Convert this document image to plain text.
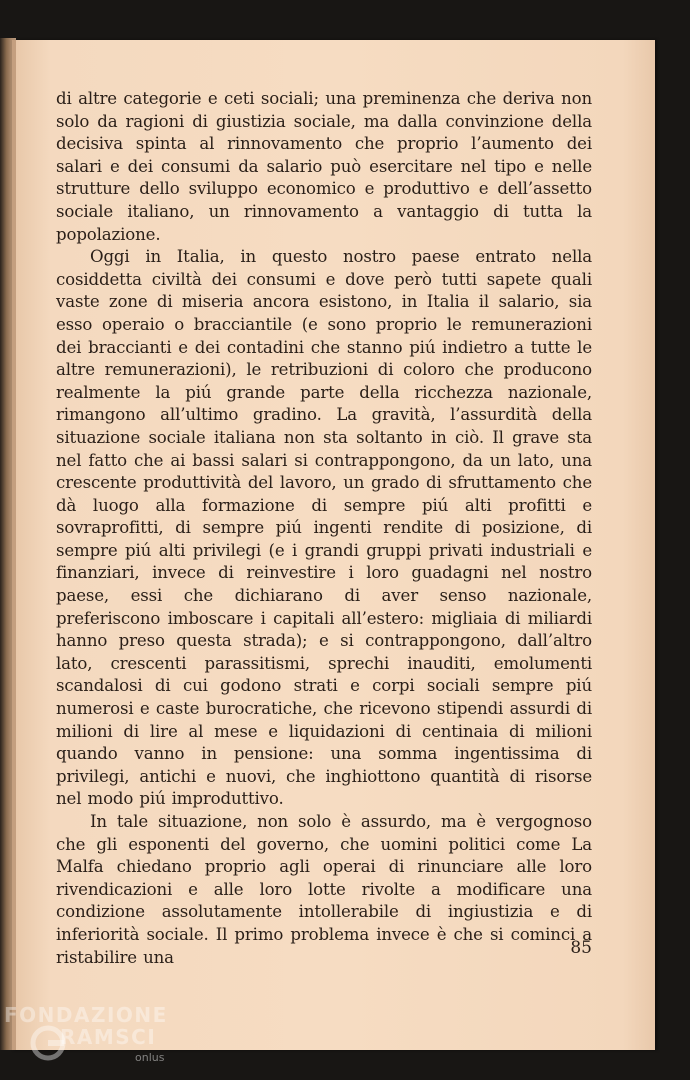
di altre categorie e ceti sociali; una preminenza che deriva non solo da ragioni di giustizia sociale, ma dalla convinzione della decisiva spinta al rinnovamento che proprio l’aumento dei salari e dei consumi da salario può esercitare nel tipo e nelle strutture dello sviluppo economico e produttivo e dell’assetto sociale italiano, un rinnovamento a vantaggio di tutta la popolazione.

Oggi in Italia, in questo nostro paese entrato nella cosiddetta civiltà dei consumi e dove però tutti sapete quali vaste zone di miseria ancora esistono, in Italia il salario, sia esso operaio o bracciantile (e sono proprio le remunerazioni dei braccianti e dei contadini che stanno piú indietro a tutte le altre remunerazioni), le retribuzioni di coloro che producono realmente la piú grande parte della ricchezza nazionale, rimangono all’ultimo gradino. La gravità, l’assurdità della situazione sociale italiana non sta soltanto in ciò. Il grave sta nel fatto che ai bassi salari si contrappongono, da un lato, una crescente produttività del lavoro, un grado di sfruttamento che dà luogo alla formazione di sempre piú alti profitti e sovraprofitti, di sempre piú ingenti rendite di posizione, di sempre piú alti privilegi (e i grandi gruppi privati industriali e finanziari, invece di reinvestire i loro guadagni nel nostro paese, essi che dichiarano di aver senso nazionale, preferiscono imboscare i capitali all’estero: migliaia di miliardi hanno preso questa strada); e si contrappongono, dall’altro lato, crescenti parassitismi, sprechi inauditi, emolumenti scandalosi di cui godono strati e corpi sociali sempre piú numerosi e caste burocratiche, che ricevono stipendi assurdi di milioni di lire al mese e liquidazioni di centinaia di milioni quando vanno in pensione: una somma ingentissima di privilegi, antichi e nuovi, che inghiottono quantità di risorse nel modo piú improduttivo.

In tale situazione, non solo è assurdo, ma è vergognoso che gli esponenti del governo, che uomini politici come La Malfa chiedano proprio agli operai di rinunciare alle loro rivendicazioni e alle loro lotte rivolte a modificare una condizione assolutamente intollerabile di ingiustizia e di inferiorità sociale. Il primo problema invece è che si cominci a ristabilire una	85
FONDAZIONE
RAMSCI
onlus
